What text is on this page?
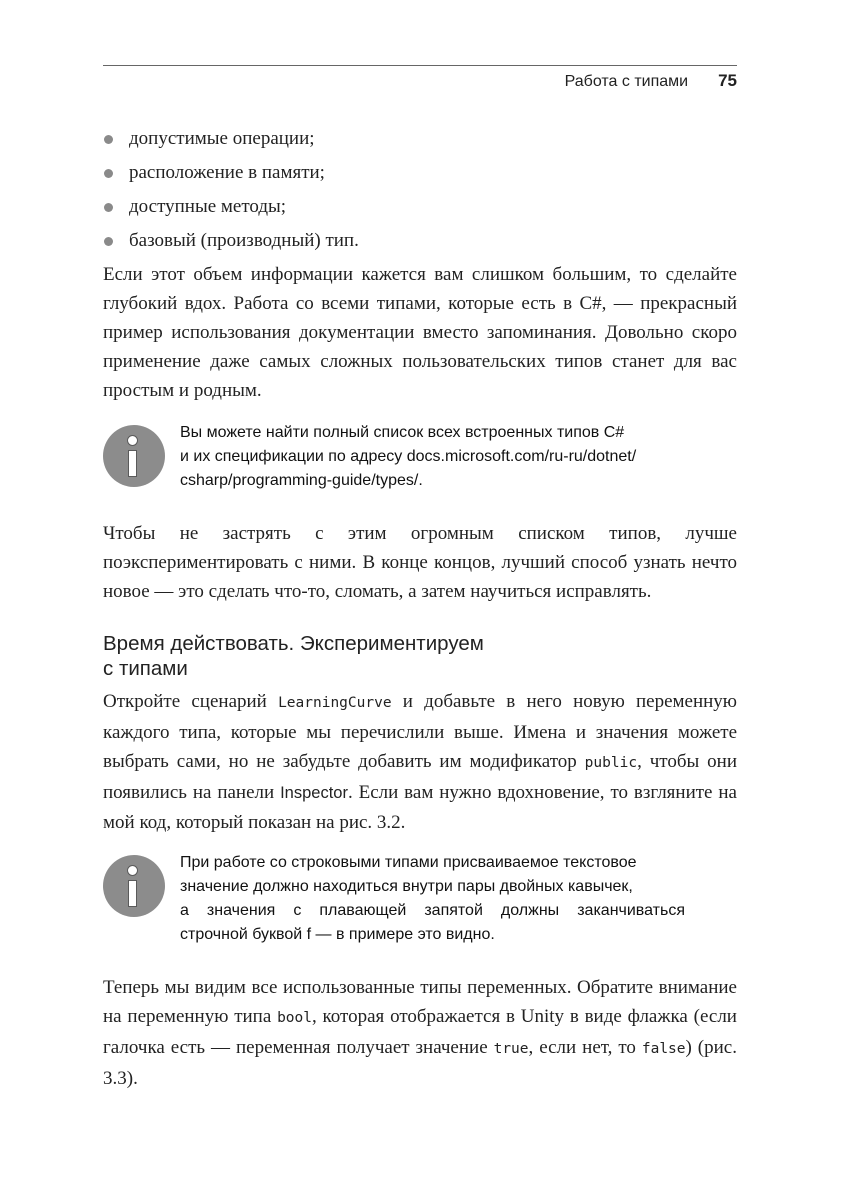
Работа с типами 75
допустимые операции;
расположение в памяти;
доступные методы;
базовый (производный) тип.

Если этот объем информации кажется вам слишком большим, то сделайте глубокий вдох. Работа со всеми типами, которые есть в C#, — прекрасный пример использования документации вместо запоминания. Довольно скоро применение даже самых сложных пользовательских типов станет для вас простым и родным.

Вы можете найти полный список всех встроенных типов C#
и их спецификации по адресу docs.microsoft.com/ru-ru/dotnet/
csharp/programming-guide/types/.

Чтобы не застрять с этим огромным списком типов, лучше поэкспериментировать с ними. В конце концов, лучший способ узнать нечто новое — это сделать что-то, сломать, а затем научиться исправлять.

Время действовать. Экспериментируем
с типами

Откройте сценарий LearningCurve и добавьте в него новую переменную каждого типа, которые мы перечислили выше. Имена и значения можете выбрать сами, но не забудьте добавить им модификатор public, чтобы они появились на панели Inspector. Если вам нужно вдохновение, то взгляните на мой код, который показан на рис. 3.2.

При работе со строковыми типами присваиваемое текстовое
значение должно находиться внутри пары двойных кавычек,
а значения с плавающей запятой должны заканчиваться
строчной буквой f — в примере это видно.

Теперь мы видим все использованные типы переменных. Обратите внимание на переменную типа bool, которая отображается в Unity в виде флажка (если галочка есть — переменная получает значение true, если нет, то false) (рис. 3.3).
